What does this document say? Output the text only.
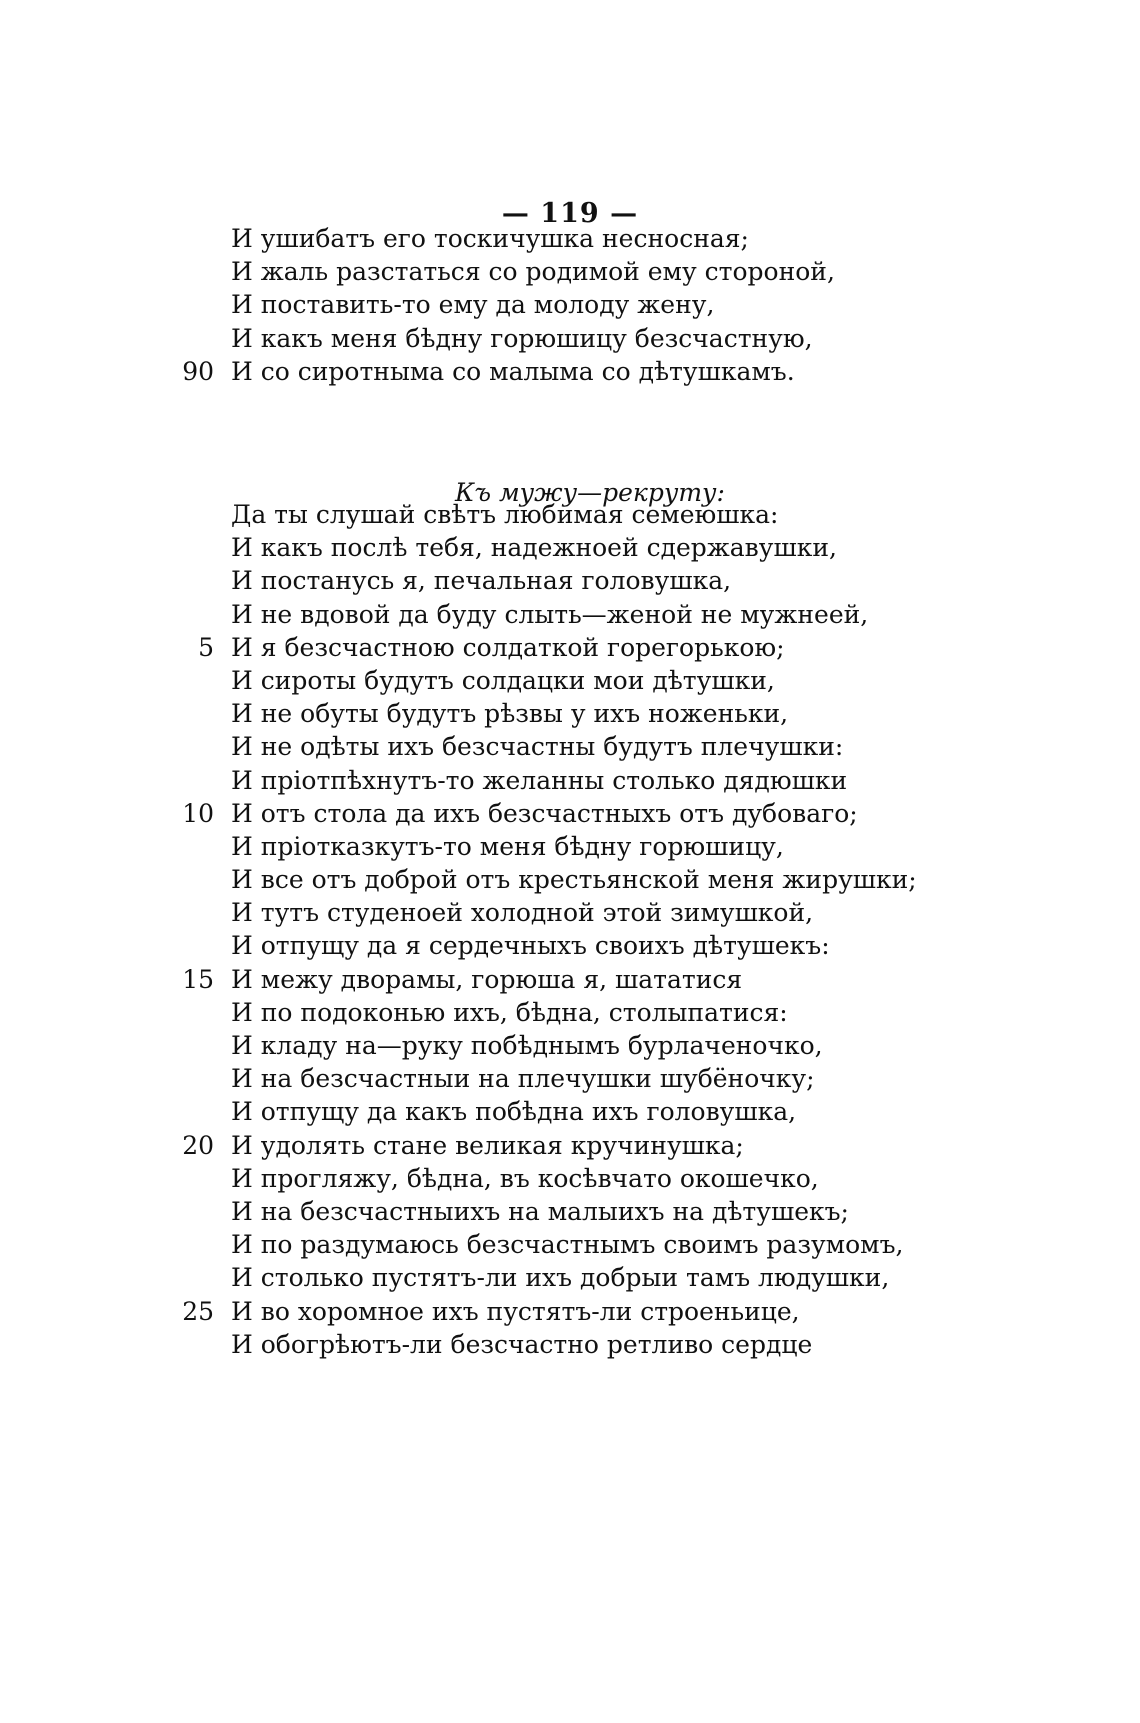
— 119 —
И ушибатъ его тоскичушка несносная;
И жаль разстаться со родимой ему стороной,
И поставить-то ему да молоду жену,
И какъ меня бѣдну горюшицу безсчастную,
90 И со сиротныма со малыма со дѣтушкамъ.
Къ мужу—рекруту:
Да ты слушай свѣтъ любимая семеюшка:
И какъ послѣ тебя, надежноей сдержавушки,
И постанусь я, печальная головушка,
И не вдовой да буду слыть—женой не мужнеей,
5 И я безсчастною солдаткой горегорькою;
И сироты будутъ солдацки мои дѣтушки,
И не обуты будутъ рѣзвы у ихъ ноженьки,
И не одѣты ихъ безсчастны будутъ плечушки:
И пріотпѣхнутъ-то желанны столько дядюшки
10 И отъ стола да ихъ безсчастныхъ отъ дубоваго;
И пріотказкутъ-то меня бѣдну горюшицу,
И все отъ доброй отъ крестьянской меня жирушки;
И тутъ студеноей холодной этой зимушкой,
И отпущу да я сердечныхъ своихъ дѣтушекъ:
15 И межу дворамы, горюша я, шататися
И по подоконью ихъ, бѣдна, столыпатися:
И кладу на—руку побѣднымъ бурлаченочко,
И на безсчастныи на плечушки шубёночку;
И отпущу да какъ побѣдна ихъ головушка,
20 И удолять стане великая кручинушка;
И прогляжу, бѣдна, въ косѣвчато окошечко,
И на безсчастныихъ на малыихъ на дѣтушекъ;
И по раздумаюсь безсчастнымъ своимъ разумомъ,
И столько пустятъ-ли ихъ добрыи тамъ людушки,
25 И во хоромное ихъ пустятъ-ли строеньице,
И обогрѣютъ-ли безсчастно ретливо сердце
